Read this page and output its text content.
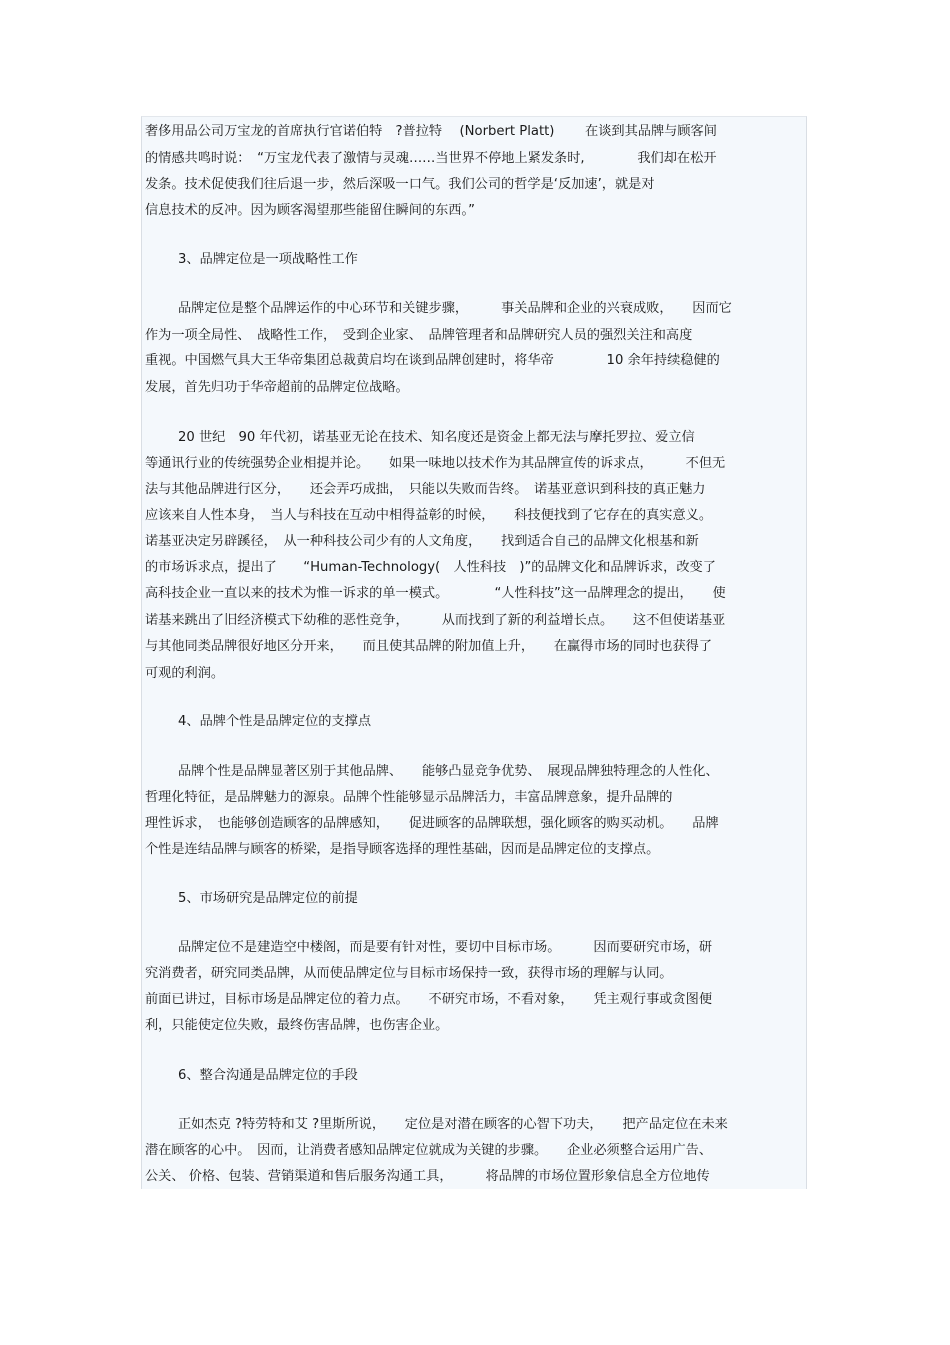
奢侈用品公司万宝龙的首席执行官诺伯特　?普拉特　 (Norbert Platt)　　 在谈到其品牌与顾客间
的情感共鸣时说：　“万宝龙代表了激情与灵魂……当世界不停地上紧发条时,　　　　我们却在松开
发条。技术促使我们往后退一步，然后深吸一口气。我们公司的哲学是‘反加速’，就是对
信息技术的反冲。因为顾客渴望那些能留住瞬间的东西。”
3、品牌定位是一项战略性工作
品牌定位是整个品牌运作的中心环节和关键步骤，　　　事关品牌和企业的兴衰成败，　　因而它
作为一项全局性、　战略性工作，　受到企业家、　品牌管理者和品牌研究人员的强烈关注和高度
重视。中国燃气具大王华帝集团总裁黄启均在谈到品牌创建时，将华帝　　　　10 余年持续稳健的
发展，首先归功于华帝超前的品牌定位战略。
20 世纪　90 年代初，诺基亚无论在技术、知名度还是资金上都无法与摩托罗拉、爱立信
等通讯行业的传统强势企业相提并论。　　如果一味地以技术作为其品牌宣传的诉求点，　　　不但无
法与其他品牌进行区分，　　还会弄巧成拙，　只能以失败而告终。　诺基亚意识到科技的真正魅力
应该来自人性本身，　当人与科技在互动中相得益彰的时候，　　科技便找到了它存在的真实意义。
诺基亚决定另辟蹊径，　从一种科技公司少有的人文角度，　　找到适合自己的品牌文化根基和新
的市场诉求点，提出了　　“Human-Technology(　人性科技　)”的品牌文化和品牌诉求，改变了
高科技企业一直以来的技术为惟一诉求的单一模式。　　　　“人性科技”这一品牌理念的提出，　　使
诺基来跳出了旧经济模式下幼稚的恶性竞争，　　　从而找到了新的利益增长点。　　这不但使诺基亚
与其他同类品牌很好地区分开来，　　而且使其品牌的附加值上升，　　在赢得市场的同时也获得了
可观的利润。
4、品牌个性是品牌定位的支撑点
品牌个性是品牌显著区别于其他品牌、　　能够凸显竞争优势、　展现品牌独特理念的人性化、
哲理化特征，是品牌魅力的源泉。品牌个性能够显示品牌活力，丰富品牌意象，提升品牌的
理性诉求，　也能够创造顾客的品牌感知，　　促进顾客的品牌联想，强化顾客的购买动机。　　品牌
个性是连结品牌与顾客的桥梁，是指导顾客选择的理性基础，因而是品牌定位的支撑点。
5、市场研究是品牌定位的前提
品牌定位不是建造空中楼阁，而是要有针对性，要切中目标市场。　　　因而要研究市场，研
究消费者，研究同类品牌，从而使品牌定位与目标市场保持一致，获得市场的理解与认同。
前面已讲过，目标市场是品牌定位的着力点。　　不研究市场，不看对象，　　凭主观行事或贪图便
利，只能使定位失败，最终伤害品牌，也伤害企业。
6、整合沟通是品牌定位的手段
正如杰克 ?特劳特和艾 ?里斯所说，　　定位是对潜在顾客的心智下功夫，　　把产品定位在未来
潜在顾客的心中。　因而，让消费者感知品牌定位就成为关键的步骤。　　企业必须整合运用广告、
公关、 价格、包装、营销渠道和售后服务沟通工具，　　　将品牌的市场位置形象信息全方位地传
